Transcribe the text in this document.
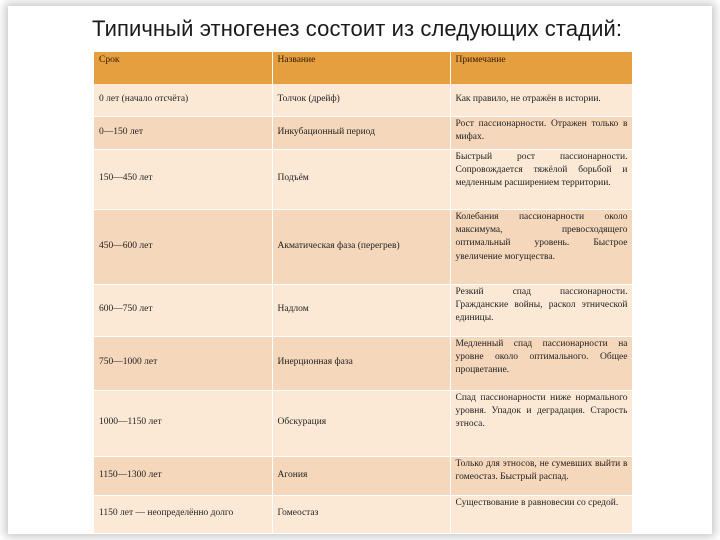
Типичный этногенез состоит из следующих стадий:
Срок	Название	Примечание
0 лет (начало отсчёта)	Толчок (дрейф)	Как правило, не отражён в истории.
0—150 лет	Инкубационный период	Рост пассионарности. Отражен только в мифах.
150—450 лет	Подъём	Быстрый рост пассионарности. Сопровождается тяжёлой борьбой и медленным расширением территории.
450—600 лет	Акматическая фаза (перегрев)	Колебания пассионарности около максимума, превосходящего оптимальный уровень. Быстрое увеличение могущества.
600—750 лет	Надлом	Резкий спад пассионарности. Гражданские войны, раскол этнической единицы.
750—1000 лет	Инерционная фаза	Медленный спад пассионарности на уровне около оптимального. Общее процветание.
1000—1150 лет	Обскурация	Спад пассионарности ниже нормального уровня. Упадок и деградация. Старость этноса.
1150—1300 лет	Агония	Только для этносов, не сумевших выйти в гомеостаз. Быстрый распад.
1150 лет — неопределённо долго	Гомеостаз	Существование в равновесии со средой.
